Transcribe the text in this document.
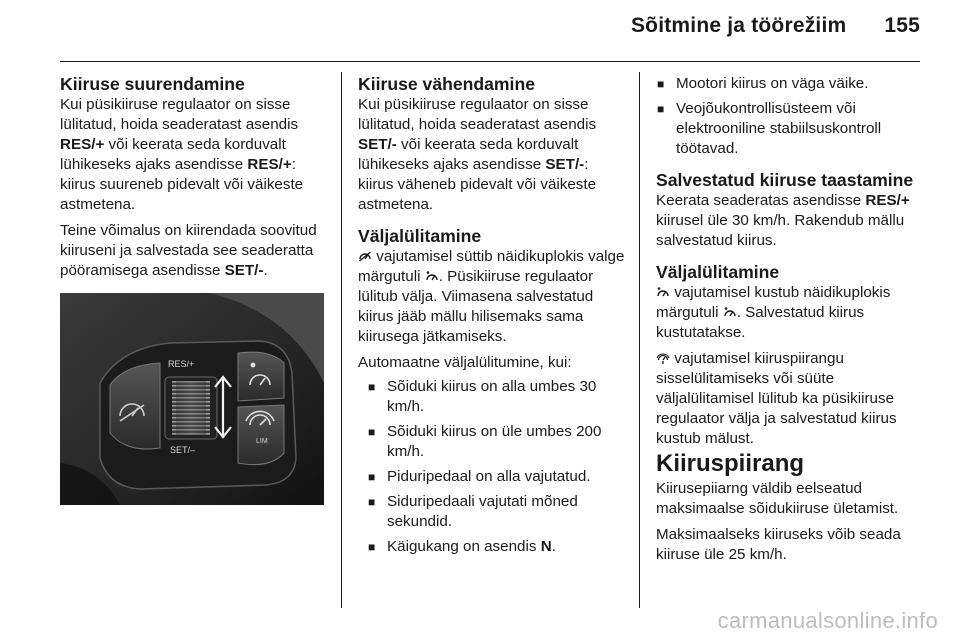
Sõitmine ja töörežiim 155
Kiiruse suurendamine

Kui püsikiiruse regulaator on sisse lülitatud, hoida seaderatast asendis RES/+ või keerata seda korduvalt lühikeseks ajaks asendisse RES/+: kiirus suureneb pidevalt või väikeste astmetena.

Teine võimalus on kiirendada soovitud kiiruseni ja salvestada see seaderatta pööramisega asendisse SET/-.

RES/+
SET/–
LIM
Kiiruse vähendamine

Kui püsikiiruse regulaator on sisse lülitatud, hoida seaderatast asendis SET/- või keerata seda korduvalt lühikeseks ajaks asendisse SET/-: kiirus väheneb pidevalt või väikeste astmetena.

Väljalülitamine

vajutamisel süttib näidikuplokis valge märgutuli . Püsikiiruse regulaator lülitub välja. Viimasena salvestatud kiirus jääb mällu hilisemaks sama kiirusega jätkamiseks.

Automaatne väljalülitumine, kui:

■ Sõiduki kiirus on alla umbes 30 km/h.
■ Sõiduki kiirus on üle umbes 200 km/h.
■ Piduripedaal on alla vajutatud.
■ Siduripedaali vajutati mõned sekundid.
■ Käigukang on asendis N.
■ Mootori kiirus on väga väike.
■ Veojõukontrollisüsteem või elektrooniline stabiilsuskontroll töötavad.
Salvestatud kiiruse taastamine

Keerata seaderatas asendisse RES/+ kiirusel üle 30 km/h. Rakendub mällu salvestatud kiirus.

Väljalülitamine

vajutamisel kustub näidikuplokis märgutuli . Salvestatud kiirus kustutatakse.

vajutamisel kiiruspiirangu sisselülitamiseks või süüte väljalülitamisel lülitub ka püsikiiruse regulaator välja ja salvestatud kiirus kustub mälust.

Kiiruspiirang

Kiirusepiiarng väldib eelseatud maksimaalse sõidukiiruse ületamist.

Maksimaalseks kiiruseks võib seada kiiruse üle 25 km/h.

carmanualsonline.info
